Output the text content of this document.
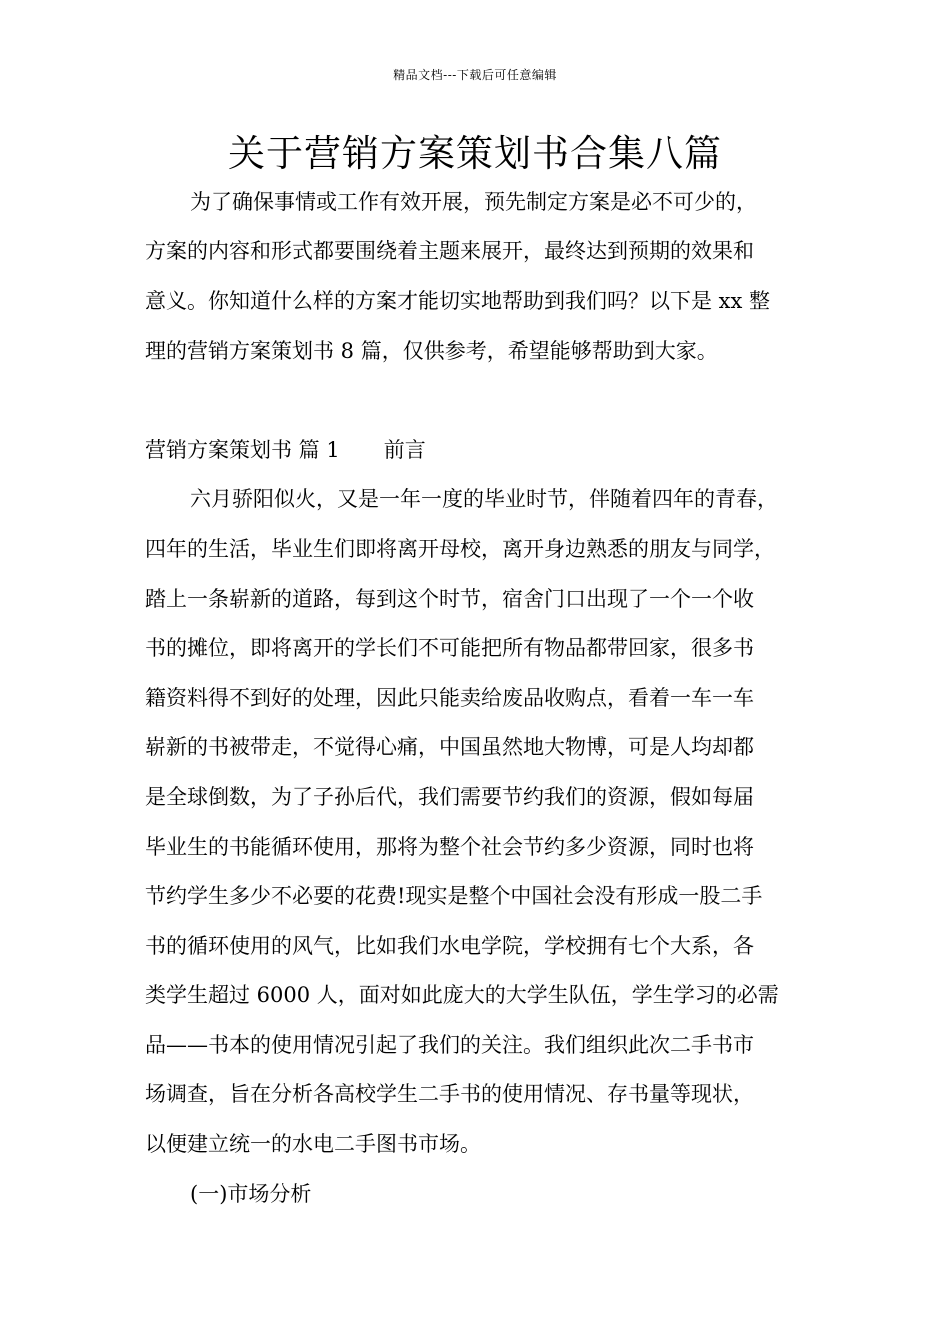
精品文档---下载后可任意编辑
关于营销方案策划书合集八篇
为了确保事情或工作有效开展，预先制定方案是必不可少的，
方案的内容和形式都要围绕着主题来展开，最终达到预期的效果和
意义。你知道什么样的方案才能切实地帮助到我们吗？以下是 xx 整
理的营销方案策划书 8 篇，仅供参考，希望能够帮助到大家。
营销方案策划书 篇 1 前言
六月骄阳似火，又是一年一度的毕业时节，伴随着四年的青春，
四年的生活，毕业生们即将离开母校，离开身边熟悉的朋友与同学，
踏上一条崭新的道路，每到这个时节，宿舍门口出现了一个一个收
书的摊位，即将离开的学长们不可能把所有物品都带回家，很多书
籍资料得不到好的处理，因此只能卖给废品收购点，看着一车一车
崭新的书被带走，不觉得心痛，中国虽然地大物博，可是人均却都
是全球倒数，为了子孙后代，我们需要节约我们的资源，假如每届
毕业生的书能循环使用，那将为整个社会节约多少资源，同时也将
节约学生多少不必要的花费!现实是整个中国社会没有形成一股二手
书的循环使用的风气，比如我们水电学院，学校拥有七个大系，各
类学生超过 6000 人，面对如此庞大的大学生队伍，学生学习的必需
品——书本的使用情况引起了我们的关注。我们组织此次二手书市
场调查，旨在分析各高校学生二手书的使用情况、存书量等现状，
以便建立统一的水电二手图书市场。
(一)市场分析
